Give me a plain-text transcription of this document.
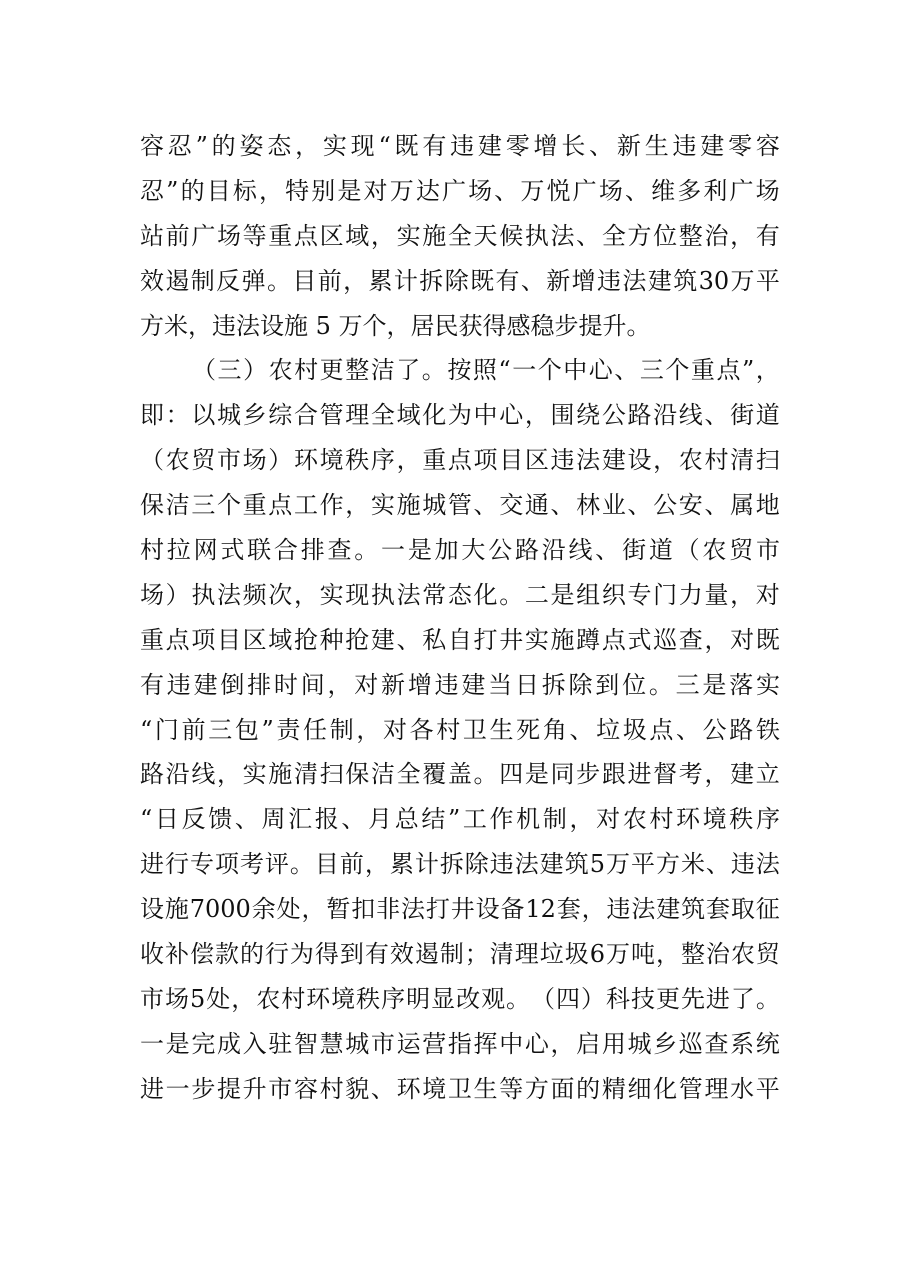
容 忍 ” 的 姿 态 ， 实 现 “ 既 有 违 建 零 增 长 、 新 生 违 建 零 容
忍 ” 的 目 标 ， 特 别 是 对 万 达 广 场 、 万 悦 广 场 、 维 多 利 广 场
站 前 广 场 等 重 点 区 域 ， 实 施 全 天 候 执 法 、 全 方 位 整 治 ， 有
效 遏 制 反 弹 。 目 前 ， 累 计 拆 除 既 有 、 新 增 违 法 建 筑 30 万 平
方米，违法设施 5 万个，居民获得感稳步提升。
（ 三 ） 农 村 更 整 洁 了 。 按 照 “ 一 个 中 心 、 三 个 重 点 ” ，
即 ： 以 城 乡 综 合 管 理 全 域 化 为 中 心 ， 围 绕 公 路 沿 线 、 街 道
（ 农 贸 市 场 ） 环 境 秩 序 ， 重 点 项 目 区 违 法 建 设 ， 农 村 清 扫
保 洁 三 个 重 点 工 作 ， 实 施 城 管 、 交 通 、 林 业 、 公 安 、 属 地
村 拉 网 式 联 合 排 查 。 一 是 加 大 公 路 沿 线 、 街 道 （ 农 贸 市
场 ） 执 法 频 次 ， 实 现 执 法 常 态 化 。 二 是 组 织 专 门 力 量 ， 对
重 点 项 目 区 域 抢 种 抢 建 、 私 自 打 井 实 施 蹲 点 式 巡 查 ， 对 既
有 违 建 倒 排 时 间 ， 对 新 增 违 建 当 日 拆 除 到 位 。 三 是 落 实
“ 门 前 三 包 ” 责 任 制 ， 对 各 村 卫 生 死 角 、 垃 圾 点 、 公 路 铁
路 沿 线 ， 实 施 清 扫 保 洁 全 覆 盖 。 四 是 同 步 跟 进 督 考 ， 建 立
“ 日 反 馈 、 周 汇 报 、 月 总 结 ” 工 作 机 制 ， 对 农 村 环 境 秩 序
进 行 专 项 考 评 。 目 前 ， 累 计 拆 除 违 法 建 筑 5 万 平 方 米 、 违 法
设 施 7000 余 处 ， 暂 扣 非 法 打 井 设 备 12 套 ， 违 法 建 筑 套 取 征
收 补 偿 款 的 行 为 得 到 有 效 遏 制 ； 清 理 垃 圾 6 万 吨 ， 整 治 农 贸
市 场 5 处 ， 农 村 环 境 秩 序 明 显 改 观 。 （ 四 ） 科 技 更 先 进 了 。
一 是 完 成 入 驻 智 慧 城 市 运 营 指 挥 中 心 ， 启 用 城 乡 巡 查 系 统
进 一 步 提 升 市 容 村 貌 、 环 境 卫 生 等 方 面 的 精 细 化 管 理 水 平
